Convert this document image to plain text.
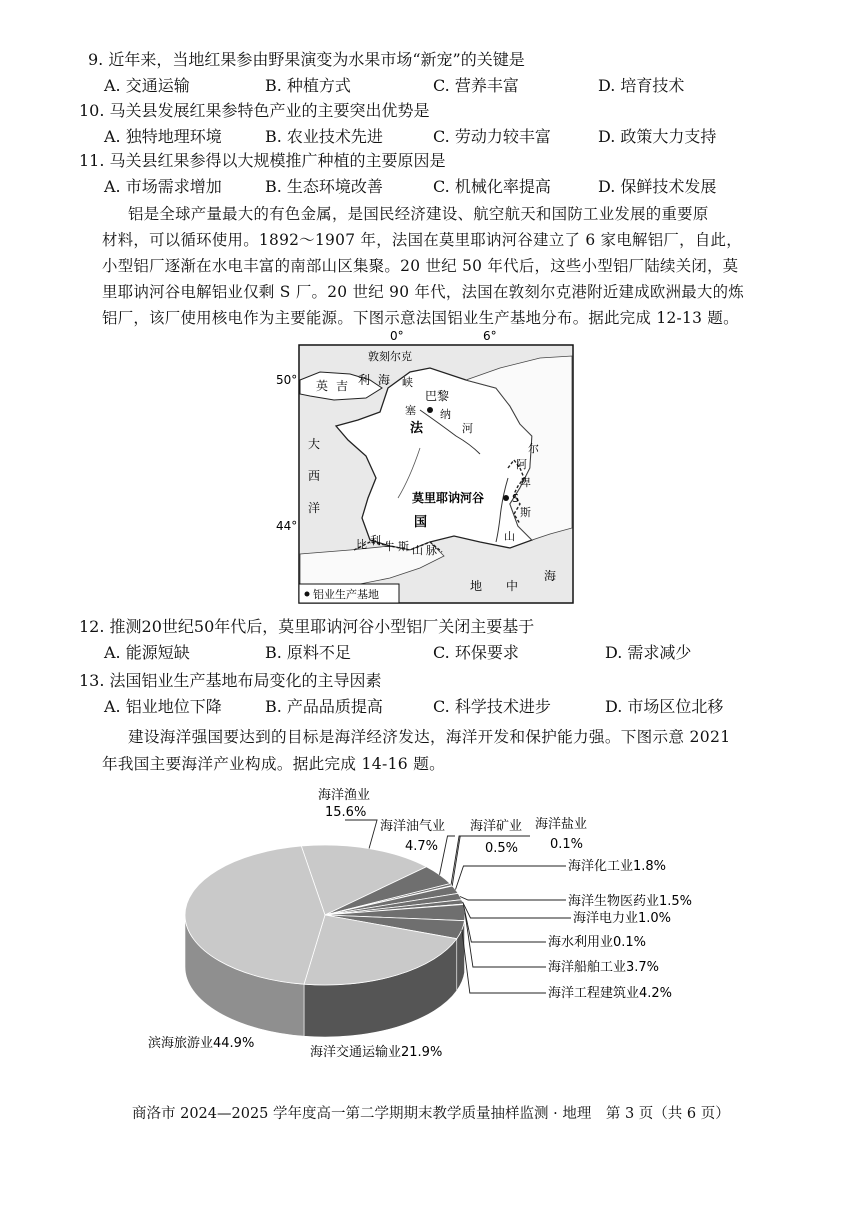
9. 近年来，当地红果参由野果演变为水果市场“新宠”的关键是
A. 交通运输	B. 种植方式	C. 营养丰富	D. 培育技术
10. 马关县发展红果参特色产业的主要突出优势是
A. 独特地理环境	B. 农业技术先进	C. 劳动力较丰富	D. 政策大力支持
11. 马关县红果参得以大规模推广种植的主要原因是
A. 市场需求增加	B. 生态环境改善	C. 机械化率提高	D. 保鲜技术发展
铝是全球产量最大的有色金属，是国民经济建设、航空航天和国防工业发展的重要原
材料，可以循环使用。1892～1907 年，法国在莫里耶讷河谷建立了 6 家电解铝厂，自此，
小型铝厂逐渐在水电丰富的南部山区集聚。20 世纪 50 年代后，这些小型铝厂陆续关闭，莫
里耶讷河谷电解铝业仅剩 S 厂。20 世纪 90 年代，法国在敦刻尔克港附近建成欧洲最大的炼
铝厂，该厂使用核电作为主要能源。下图示意法国铝业生产基地分布。据此完成 12-13 题。
0°	6°
50°
44°
敦刻尔克
峡
英 吉 利 海
大
西
洋
巴黎
塞 纳
河
法
国
莫里耶讷河谷	S
阿
尔
卑
斯
山
比 利 牛 斯 山 脉
地 中
海
铝业生产基地
12. 推测20世纪50年代后，莫里耶讷河谷小型铝厂关闭主要基于
A. 能源短缺	B. 原料不足	C. 环保要求	D. 需求减少
13. 法国铝业生产基地布局变化的主导因素
A. 铝业地位下降	B. 产品品质提高	C. 科学技术进步	D. 市场区位北移
建设海洋强国要达到的目标是海洋经济发达，海洋开发和保护能力强。下图示意 2021
年我国主要海洋产业构成。据此完成 14-16 题。
海洋渔业
15.6%
海洋油气业
4.7%
海洋矿业
0.5%
海洋盐业
0.1%
海洋化工业1.8%
海洋生物医药业1.5%
海洋电力业1.0%
海水利用业0.1%
海洋船舶工业3.7%
海洋工程建筑业4.2%
滨海旅游业44.9%
海洋交通运输业21.9%
商洛市 2024—2025 学年度高一第二学期期末教学质量抽样监测 · 地理　第 3 页（共 6 页）
